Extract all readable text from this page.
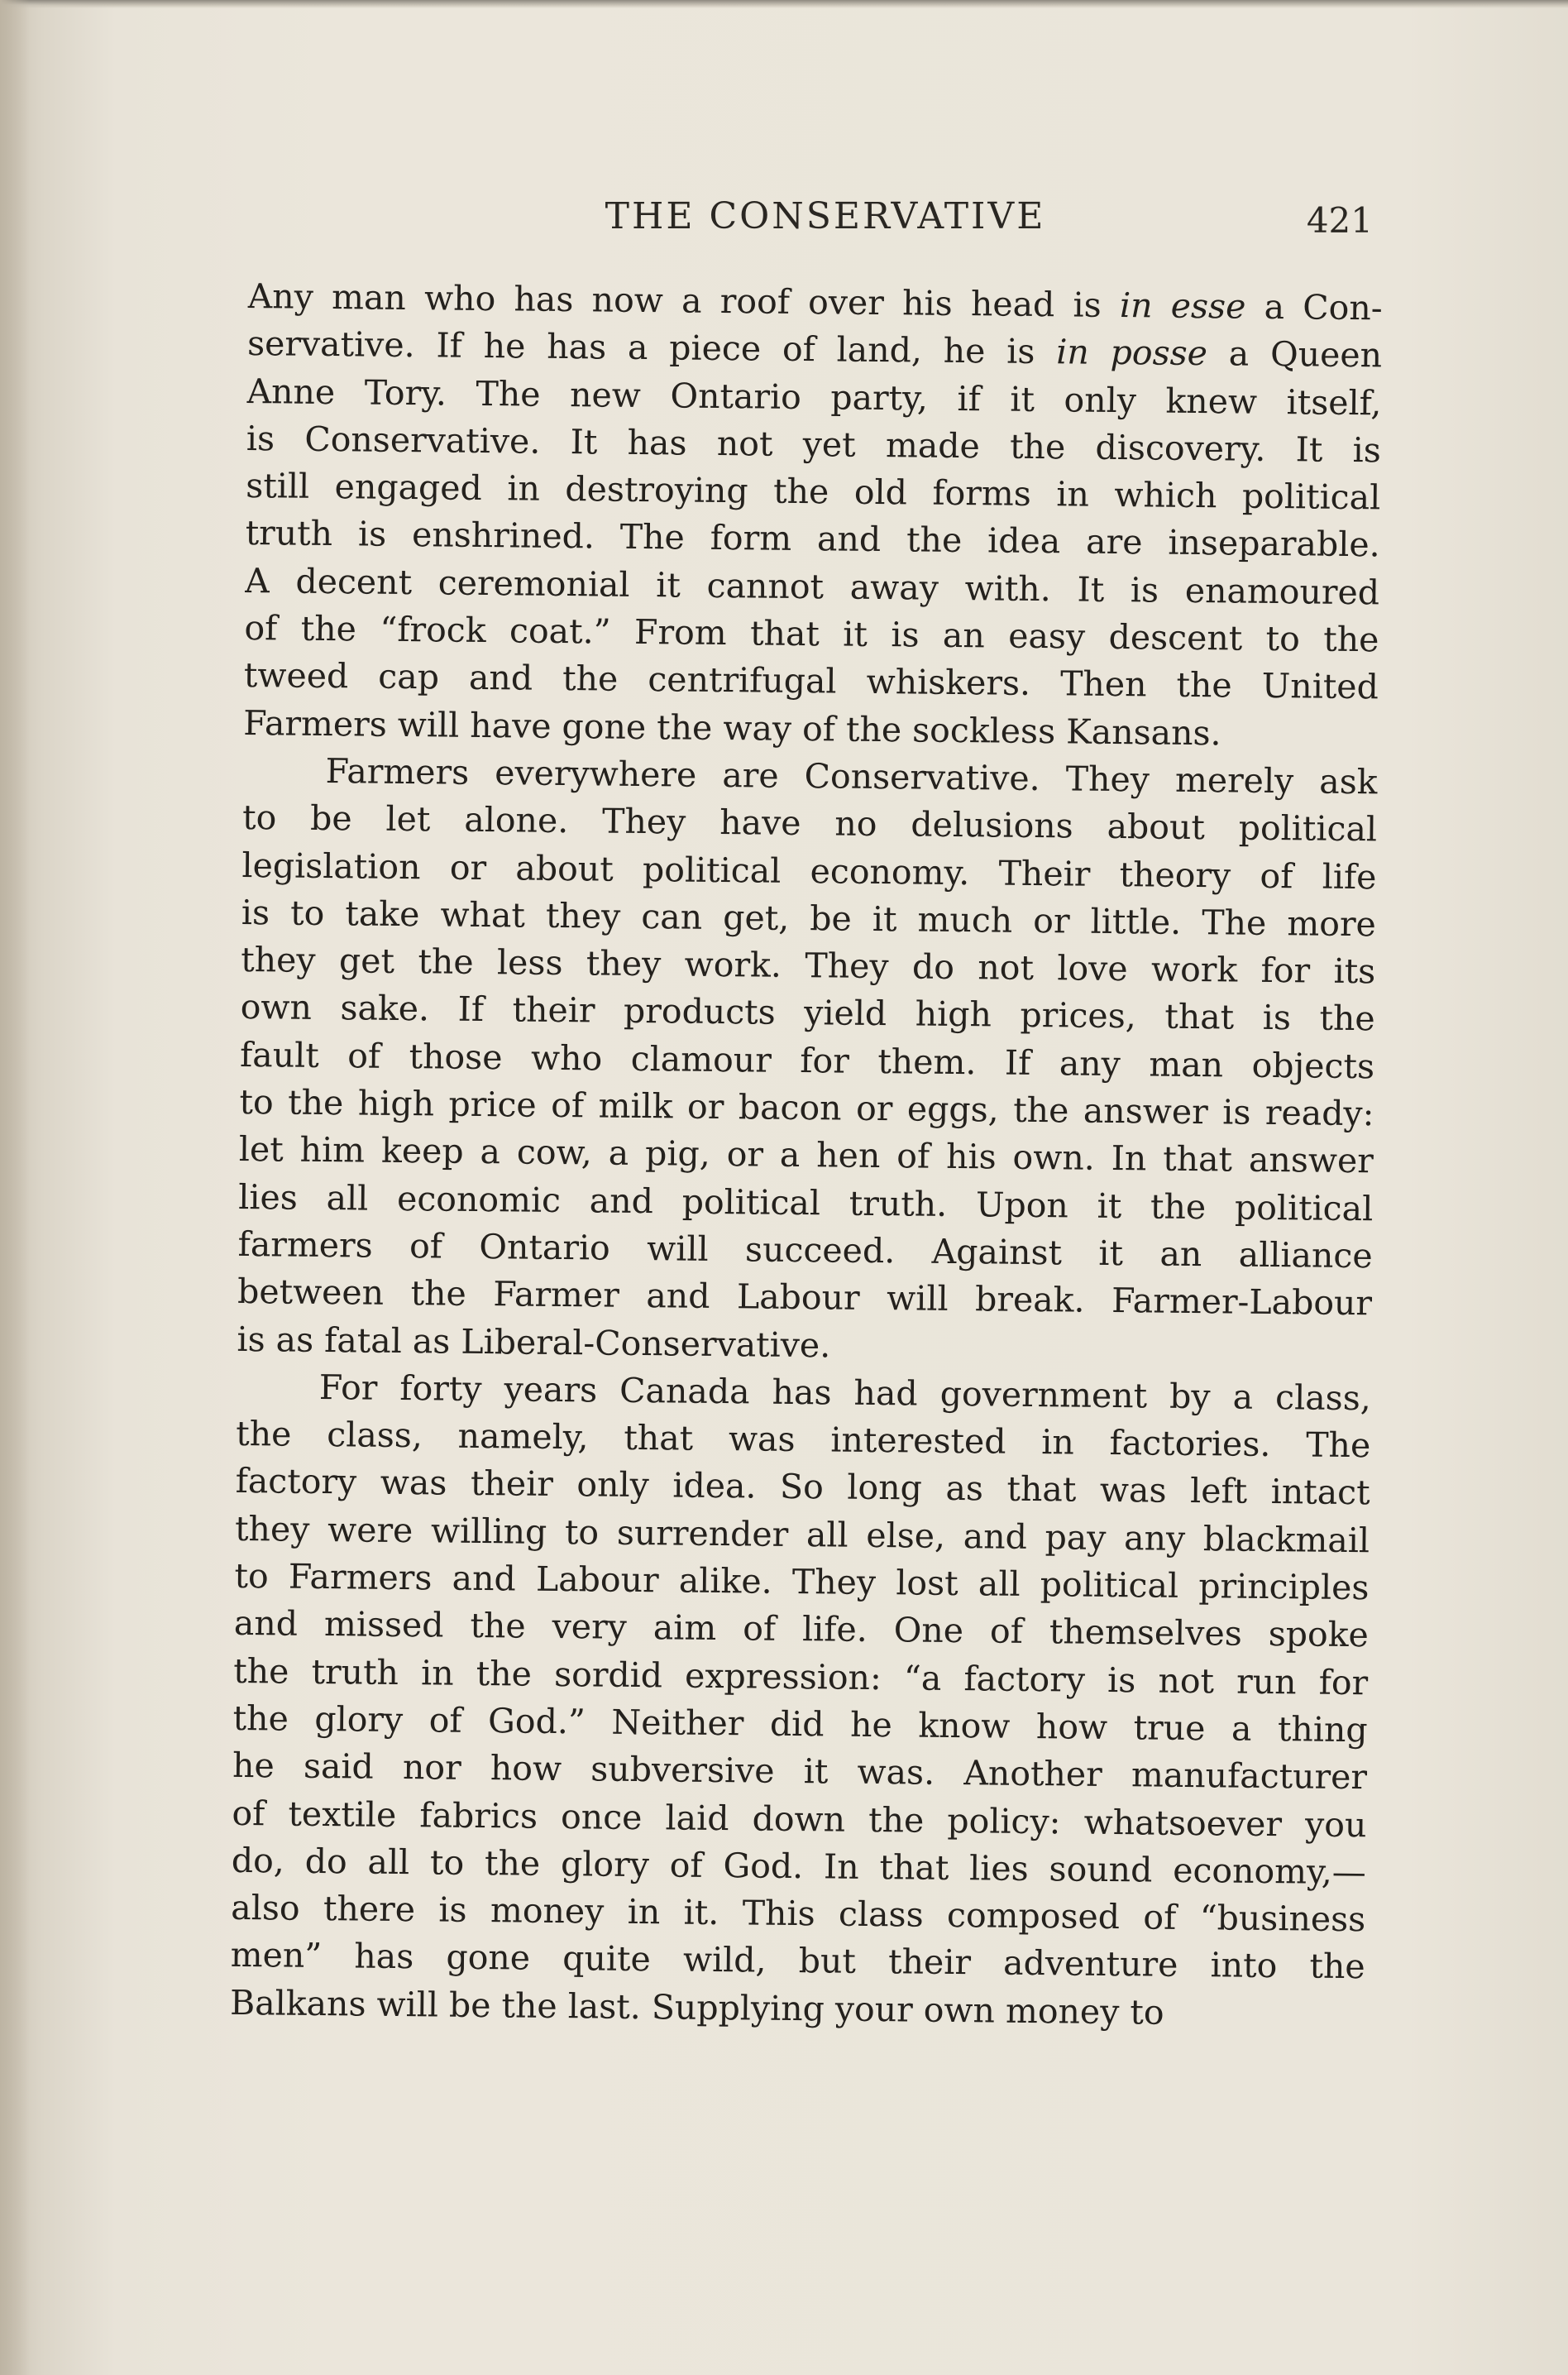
THE CONSERVATIVE	421
Any man who has now a roof over his head is in esse a Con-
servative. If he has a piece of land, he is in posse a Queen
Anne Tory. The new Ontario party, if it only knew itself,
is Conservative. It has not yet made the discovery. It is
still engaged in destroying the old forms in which political
truth is enshrined. The form and the idea are inseparable.
A decent ceremonial it cannot away with. It is enamoured
of the “frock coat.” From that it is an easy descent to the
tweed cap and the centrifugal whiskers. Then the United
Farmers will have gone the way of the sockless Kansans.
Farmers everywhere are Conservative. They merely ask
to be let alone. They have no delusions about political
legislation or about political economy. Their theory of life
is to take what they can get, be it much or little. The more
they get the less they work. They do not love work for its
own sake. If their products yield high prices, that is the
fault of those who clamour for them. If any man objects
to the high price of milk or bacon or eggs, the answer is ready:
let him keep a cow, a pig, or a hen of his own. In that answer
lies all economic and political truth. Upon it the political
farmers of Ontario will succeed. Against it an alliance
between the Farmer and Labour will break. Farmer-Labour
is as fatal as Liberal-Conservative.
For forty years Canada has had government by a class,
the class, namely, that was interested in factories. The
factory was their only idea. So long as that was left intact
they were willing to surrender all else, and pay any blackmail
to Farmers and Labour alike. They lost all political principles
and missed the very aim of life. One of themselves spoke
the truth in the sordid expression: “a factory is not run for
the glory of God.” Neither did he know how true a thing
he said nor how subversive it was. Another manufacturer
of textile fabrics once laid down the policy: whatsoever you
do, do all to the glory of God. In that lies sound economy,—
also there is money in it. This class composed of “business
men” has gone quite wild, but their adventure into the
Balkans will be the last. Supplying your own money to
